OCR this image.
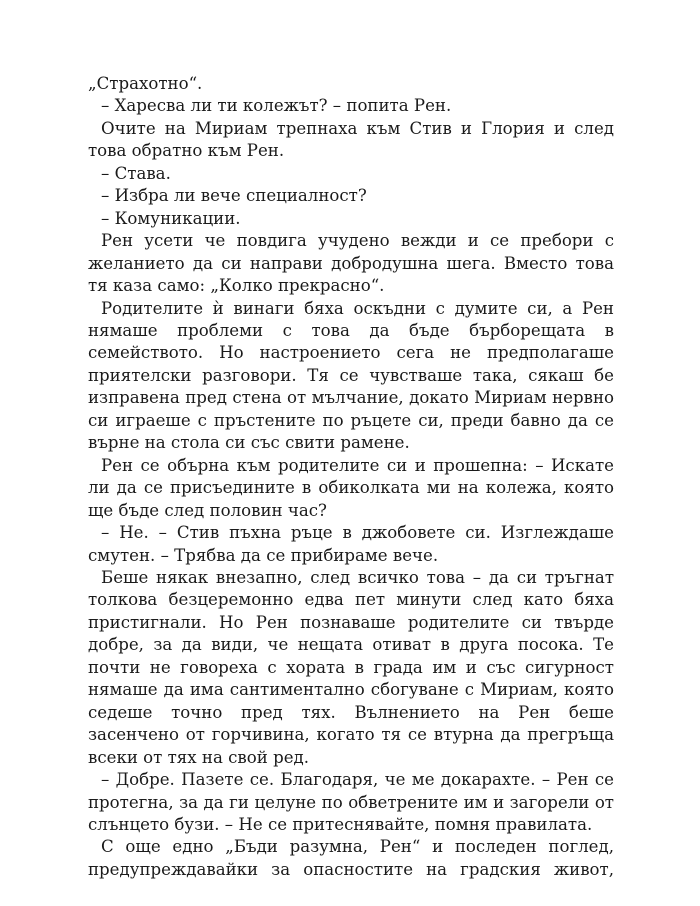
„Страхотно“.

– Харесва ли ти колежът? – попита Рен.

Очите на Мириам трепнаха към Стив и Глория и след това обратно към Рен.

– Става.

– Избра ли вече специалност?

– Комуникации.

Рен усети че повдига учудено вежди и се пребори с желанието да си направи добродушна шега. Вместо това тя каза само: „Колко прекрасно“.

Родителите ѝ винаги бяха оскъдни с думите си, а Рен нямаше проблеми с това да бъде бърборещата в семейството. Но настроението сега не предполагаше приятелски разговори. Тя се чувстваше така, сякаш бе изправена пред стена от мълчание, докато Мириам нервно си играеше с пръстените по ръцете си, преди бавно да се върне на стола си със свити рамене.

Рен се обърна към родителите си и прошепна: – Искате ли да се присъедините в обиколката ми на колежа, която ще бъде след половин час?

– Не. – Стив пъхна ръце в джобовете си. Изглеждаше смутен. – Трябва да се прибираме вече.

Беше някак внезапно, след всичко това – да си тръгнат толкова безцеремонно едва пет минути след като бяха пристигнали. Но Рен познаваше родителите си твърде добре, за да види, че нещата отиват в друга посока. Те почти не говореха с хората в града им и със сигурност нямаше да има сантиментално сбогуване с Мириам, която седеше точно пред тях. Вълнението на Рен беше засенчено от горчивина, когато тя се втурна да прегръща всеки от тях на свой ред.

– Добре. Пазете се. Благодаря, че ме докарахте. – Рен се протегна, за да ги целуне по обветрените им и загорели от слънцето бузи. – Не се притеснявайте, помня правилата.

С още едно „Бъди разумна, Рен“ и последен поглед, предупреждавайки за опасностите на градския живот,
